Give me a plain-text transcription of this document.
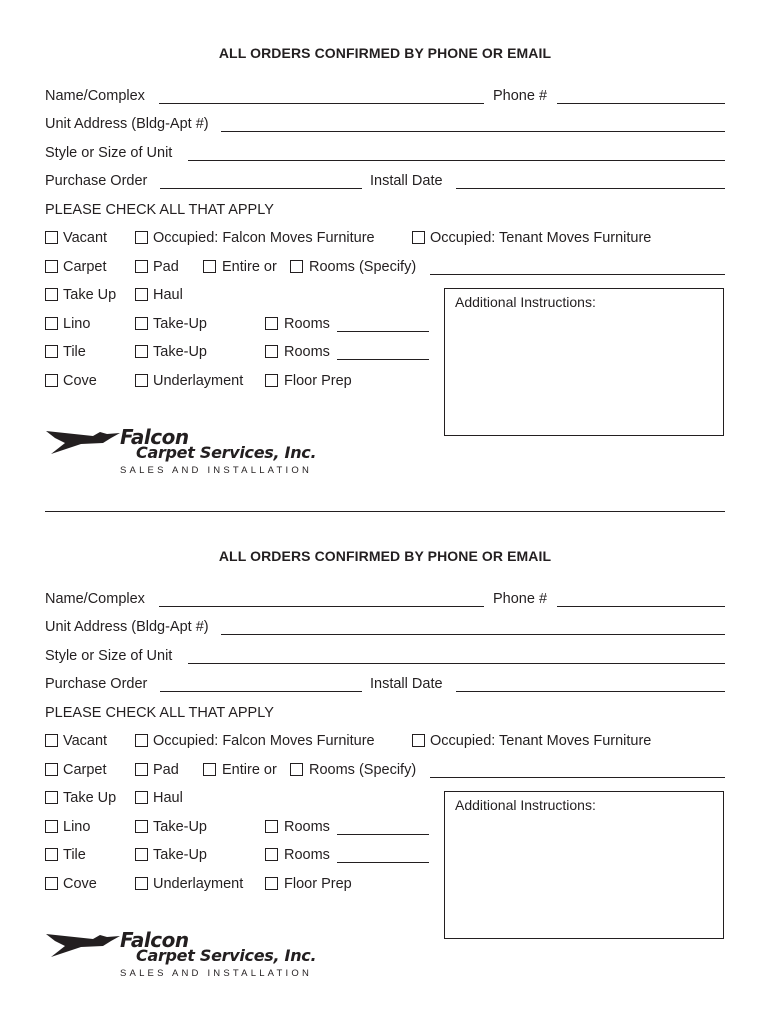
ALL ORDERS CONFIRMED BY PHONE OR EMAIL
Name/Complex	Phone #
Unit Address (Bldg-Apt #)
Style or Size of Unit
Purchase Order	Install Date
PLEASE CHECK ALL THAT APPLY
Vacant	Occupied: Falcon Moves Furniture	Occupied: Tenant Moves Furniture
Carpet	Pad	Entire or Rooms (Specify)
Take Up	Haul
Lino	Take-Up	Rooms
Tile	Take-Up	Rooms
Cove	Underlayment	Floor Prep
Additional Instructions:
Falcon
Carpet Services, Inc.
SALES AND INSTALLATION
ALL ORDERS CONFIRMED BY PHONE OR EMAIL
Name/Complex	Phone #
Unit Address (Bldg-Apt #)
Style or Size of Unit
Purchase Order	Install Date
PLEASE CHECK ALL THAT APPLY
Vacant	Occupied: Falcon Moves Furniture	Occupied: Tenant Moves Furniture
Carpet	Pad	Entire or Rooms (Specify)
Take Up	Haul
Lino	Take-Up	Rooms
Tile	Take-Up	Rooms
Cove	Underlayment	Floor Prep
Additional Instructions:
Falcon
Carpet Services, Inc.
SALES AND INSTALLATION
